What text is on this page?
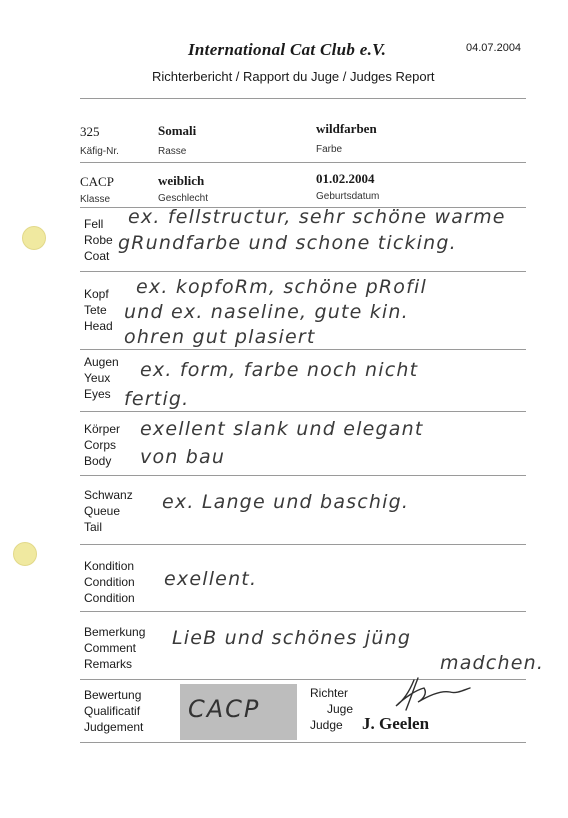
International Cat Club e.V.	04.07.2004
Richterbericht / Rapport du Juge / Judges Report
325
Käfig-Nr.
Somali
Rasse
wildfarben
Farbe
CACP
Klasse
weiblich
Geschlecht
01.02.2004
Geburtsdatum
Fell
Robe
Coat
ex. fellstructur, sehr schöne warme
gRundfarbe und schone ticking.
Kopf
Tete
Head
ex. kopfoRm, schöne pRofil
und ex. naseline, gute kin.
ohren gut plasiert
Augen
Yeux
Eyes
ex. form, farbe noch nicht
fertig.
Körper
Corps
Body
exellent slank und elegant
von bau
Schwanz
Queue
Tail
ex. Lange und baschig.
Kondition
Condition
Condition
exellent.
Bemerkung
Comment
Remarks
LieB und schönes jüng
madchen.
Bewertung
Qualificatif
Judgement
CACP
Richter
Juge
Judge	J. Geelen
